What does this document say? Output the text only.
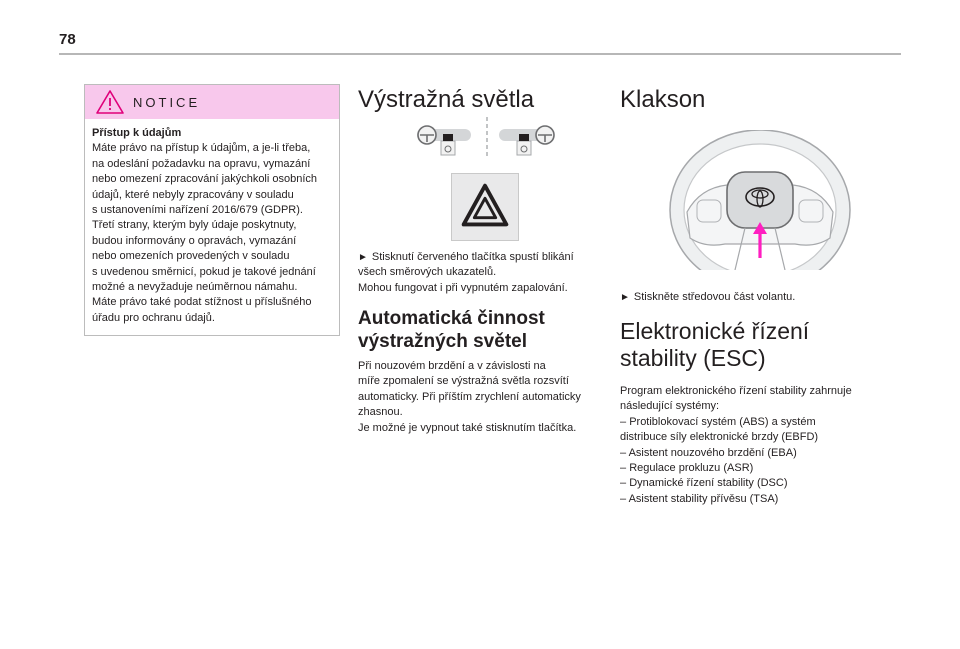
78
NOTICE
Přístup k údajům
Máte právo na přístup k údajům, a je-li třeba,
na odeslání požadavku na opravu, vymazání
nebo omezení zpracování jakýchkoli osobních
údajů, které nebyly zpracovány v souladu
s ustanoveními nařízení 2016/679 (GDPR).
Třetí strany, kterým byly údaje poskytnuty,
budou informovány o opravách, vymazání
nebo omezeních provedených v souladu
s uvedenou směrnicí, pokud je takové jednání
možné a nevyžaduje neúměrnou námahu.
Máte právo také podat stížnost u příslušného
úřadu pro ochranu údajů.
Výstražná světla

► Stisknutí červeného tlačítka spustí blikání
všech směrových ukazatelů.

Mohou fungovat i při vypnutém zapalování.

Automatická činnost
výstražných světel

Při nouzovém brzdění a v závislosti na
míře zpomalení se výstražná světla rozsvítí
automaticky. Při příštím zrychlení automaticky
zhasnou.
Je možné je vypnout také stisknutím tlačítka.

Klakson

► Stiskněte středovou část volantu.

Elektronické řízení
stability (ESC)

Program elektronického řízení stability zahrnuje
následující systémy:

– Protiblokovací systém (ABS) a systém
distribuce síly elektronické brzdy (EBFD)

– Asistent nouzového brzdění (EBA)

– Regulace prokluzu (ASR)

– Dynamické řízení stability (DSC)

– Asistent stability přívěsu (TSA)
